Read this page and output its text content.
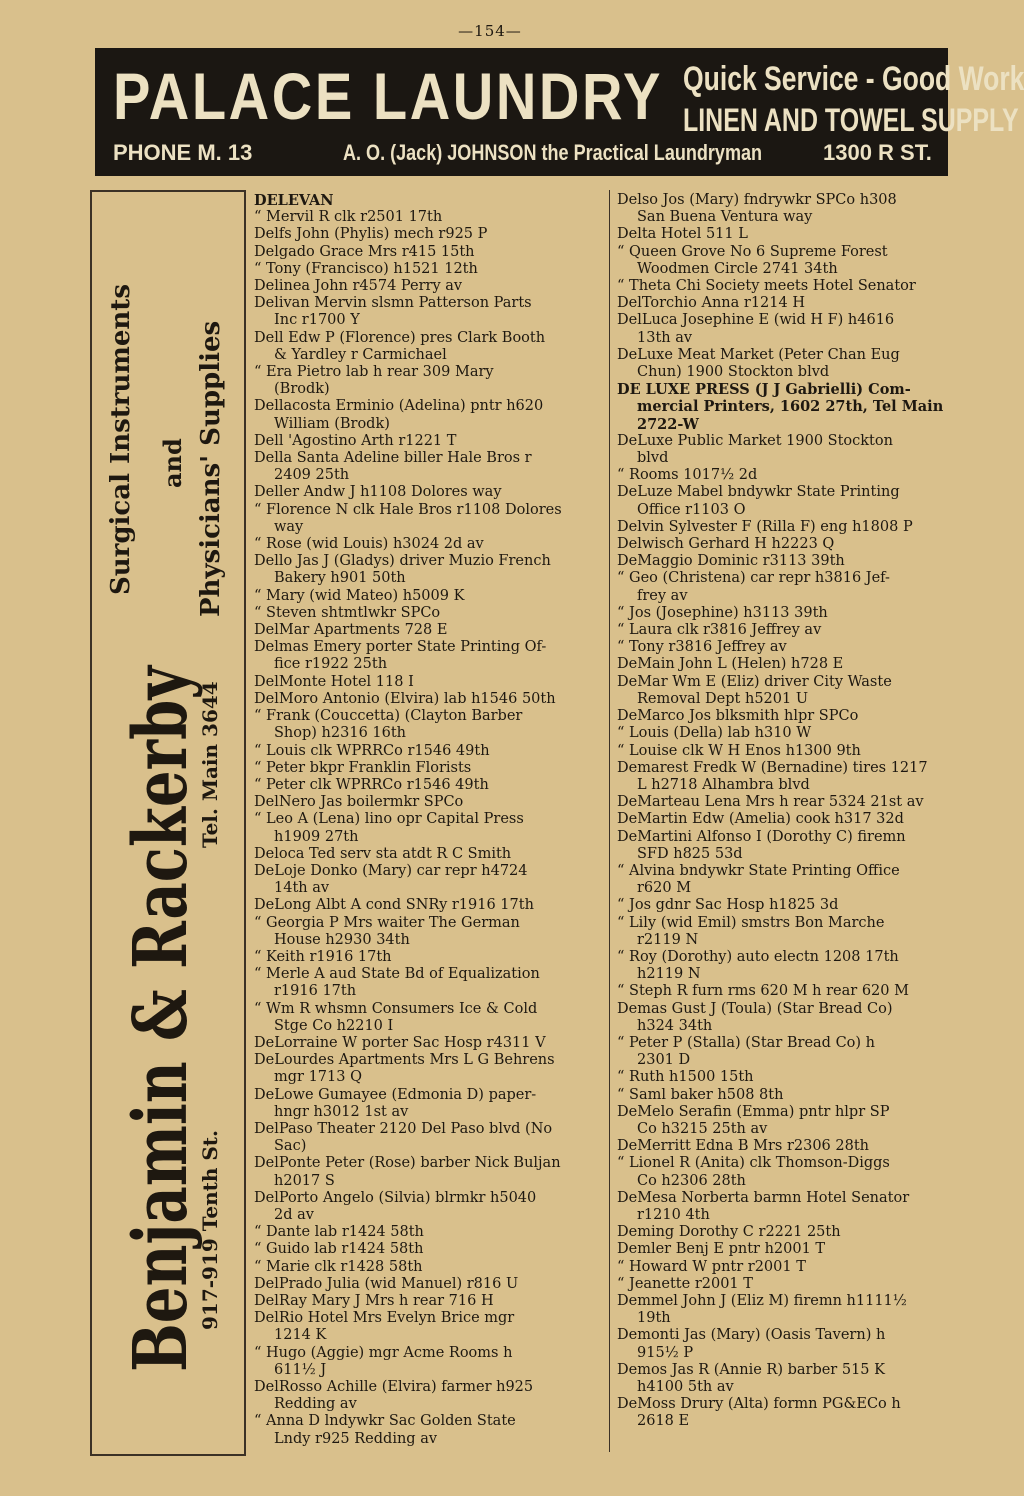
—154—
PALACE LAUNDRY Quick Service - Good Work
LINEN AND TOWEL SUPPLY
PHONE M. 13	A. O. (Jack) JOHNSON the Practical Laundryman	1300 R ST.
Surgical Instruments and Physicians' Supplies
Benjamin & Rackerby
917-919 Tenth St.
Tel. Main 3644
DELEVAN
“ Mervil R clk r2501 17th
Delfs John (Phylis) mech r925 P
Delgado Grace Mrs r415 15th
“ Tony (Francisco) h1521 12th
Delinea John r4574 Perry av
Delivan Mervin slsmn Patterson Parts
Inc r1700 Y
Dell Edw P (Florence) pres Clark Booth
& Yardley r Carmichael
“ Era Pietro lab h rear 309 Mary
(Brodk)
Dellacosta Erminio (Adelina) pntr h620
William (Brodk)
Dell 'Agostino Arth r1221 T
Della Santa Adeline biller Hale Bros r
2409 25th
Deller Andw J h1108 Dolores way
“ Florence N clk Hale Bros r1108 Dolores
way
“ Rose (wid Louis) h3024 2d av
Dello Jas J (Gladys) driver Muzio French
Bakery h901 50th
“ Mary (wid Mateo) h5009 K
“ Steven shtmtlwkr SPCo
DelMar Apartments 728 E
Delmas Emery porter State Printing Of-
fice r1922 25th
DelMonte Hotel 118 I
DelMoro Antonio (Elvira) lab h1546 50th
“ Frank (Couccetta) (Clayton Barber
Shop) h2316 16th
“ Louis clk WPRRCo r1546 49th
“ Peter bkpr Franklin Florists
“ Peter clk WPRRCo r1546 49th
DelNero Jas boilermkr SPCo
“ Leo A (Lena) lino opr Capital Press
h1909 27th
Deloca Ted serv sta atdt R C Smith
DeLoje Donko (Mary) car repr h4724
14th av
DeLong Albt A cond SNRy r1916 17th
“ Georgia P Mrs waiter The German
House h2930 34th
“ Keith r1916 17th
“ Merle A aud State Bd of Equalization
r1916 17th
“ Wm R whsmn Consumers Ice & Cold
Stge Co h2210 I
DeLorraine W porter Sac Hosp r4311 V
DeLourdes Apartments Mrs L G Behrens
mgr 1713 Q
DeLowe Gumayee (Edmonia D) paper-
hngr h3012 1st av
DelPaso Theater 2120 Del Paso blvd (No
Sac)
DelPonte Peter (Rose) barber Nick Buljan
h2017 S
DelPorto Angelo (Silvia) blrmkr h5040
2d av
“ Dante lab r1424 58th
“ Guido lab r1424 58th
“ Marie clk r1428 58th
DelPrado Julia (wid Manuel) r816 U
DelRay Mary J Mrs h rear 716 H
DelRio Hotel Mrs Evelyn Brice mgr
1214 K
“ Hugo (Aggie) mgr Acme Rooms h
611½ J
DelRosso Achille (Elvira) farmer h925
Redding av
“ Anna D lndywkr Sac Golden State
Lndy r925 Redding av
Delso Jos (Mary) fndrywkr SPCo h308
San Buena Ventura way
Delta Hotel 511 L
“ Queen Grove No 6 Supreme Forest
Woodmen Circle 2741 34th
“ Theta Chi Society meets Hotel Senator
DelTorchio Anna r1214 H
DelLuca Josephine E (wid H F) h4616
13th av
DeLuxe Meat Market (Peter Chan Eug
Chun) 1900 Stockton blvd
DE LUXE PRESS (J J Gabrielli) Com-
mercial Printers, 1602 27th, Tel Main
2722-W
DeLuxe Public Market 1900 Stockton
blvd
“ Rooms 1017½ 2d
DeLuze Mabel bndywkr State Printing
Office r1103 O
Delvin Sylvester F (Rilla F) eng h1808 P
Delwisch Gerhard H h2223 Q
DeMaggio Dominic r3113 39th
“ Geo (Christena) car repr h3816 Jef-
frey av
“ Jos (Josephine) h3113 39th
“ Laura clk r3816 Jeffrey av
“ Tony r3816 Jeffrey av
DeMain John L (Helen) h728 E
DeMar Wm E (Eliz) driver City Waste
Removal Dept h5201 U
DeMarco Jos blksmith hlpr SPCo
“ Louis (Della) lab h310 W
“ Louise clk W H Enos h1300 9th
Demarest Fredk W (Bernadine) tires 1217
L h2718 Alhambra blvd
DeMarteau Lena Mrs h rear 5324 21st av
DeMartin Edw (Amelia) cook h317 32d
DeMartini Alfonso I (Dorothy C) firemn
SFD h825 53d
“ Alvina bndywkr State Printing Office
r620 M
“ Jos gdnr Sac Hosp h1825 3d
“ Lily (wid Emil) smstrs Bon Marche
r2119 N
“ Roy (Dorothy) auto electn 1208 17th
h2119 N
“ Steph R furn rms 620 M h rear 620 M
Demas Gust J (Toula) (Star Bread Co)
h324 34th
“ Peter P (Stalla) (Star Bread Co) h
2301 D
“ Ruth h1500 15th
“ Saml baker h508 8th
DeMelo Serafin (Emma) pntr hlpr SP
Co h3215 25th av
DeMerritt Edna B Mrs r2306 28th
“ Lionel R (Anita) clk Thomson-Diggs
Co h2306 28th
DeMesa Norberta barmn Hotel Senator
r1210 4th
Deming Dorothy C r2221 25th
Demler Benj E pntr h2001 T
“ Howard W pntr r2001 T
“ Jeanette r2001 T
Demmel John J (Eliz M) firemn h1111½
19th
Demonti Jas (Mary) (Oasis Tavern) h
915½ P
Demos Jas R (Annie R) barber 515 K
h4100 5th av
DeMoss Drury (Alta) formn PG&ECo h
2618 E
